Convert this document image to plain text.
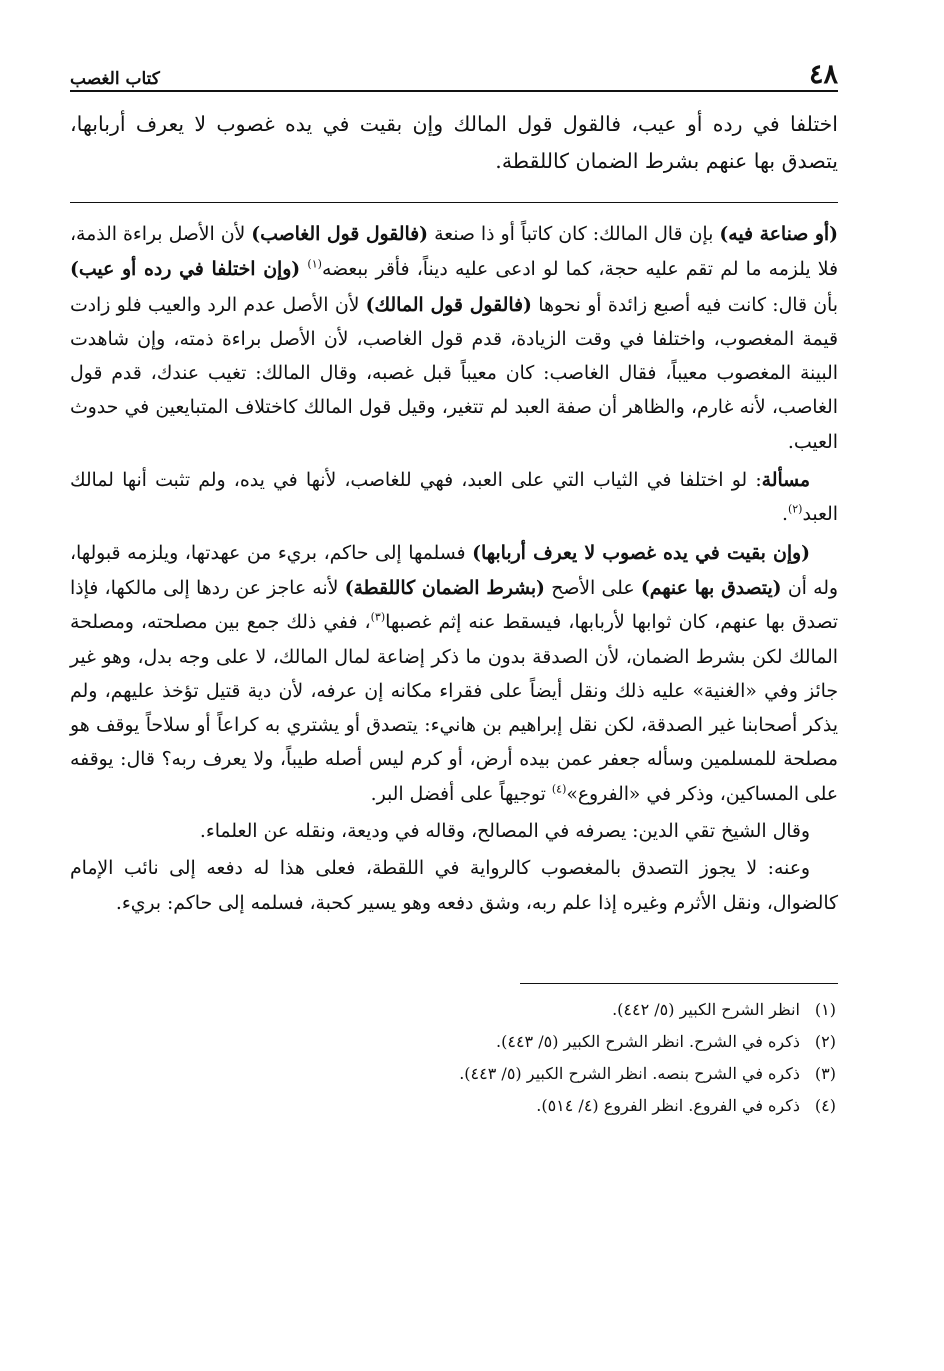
٤٨
كتاب الغصب
اختلفا في رده أو عيب، فالقول قول المالك وإن بقيت في يده غصوب لا يعرف أربابها، يتصدق بها عنهم بشرط الضمان كاللقطة.

(أو صناعة فيه) بإن قال المالك: كان كاتباً أو ذا صنعة (فالقول قول الغاصب) لأن الأصل براءة الذمة، فلا يلزمه ما لم تقم عليه حجة، كما لو ادعى عليه ديناً، فأقر ببعضه$^{(١)}$ (وإن اختلفا في رده أو عيب) بأن قال: كانت فيه أصبع زائدة أو نحوها (فالقول قول المالك) لأن الأصل عدم الرد والعيب فلو زادت قيمة المغصوب، واختلفا في وقت الزيادة، قدم قول الغاصب، لأن الأصل براءة ذمته، وإن شاهدت البينة المغصوب معيباً، فقال الغاصب: كان معيباً قبل غصبه، وقال المالك: تغيب عندك، قدم قول الغاصب، لأنه غارم، والظاهر أن صفة العبد لم تتغير، وقيل قول المالك كاختلاف المتبايعين في حدوث العيب.

مسألة: لو اختلفا في الثياب التي على العبد، فهي للغاصب، لأنها في يده، ولم تثبت أنها لمالك العبد$^{(٢)}$.

(وإن بقيت في يده غصوب لا يعرف أربابها) فسلمها إلى حاكم، بريء من عهدتها، ويلزمه قبولها، وله أن (يتصدق بها عنهم) على الأصح (بشرط الضمان كاللقطة) لأنه عاجز عن ردها إلى مالكها، فإذا تصدق بها عنهم، كان ثوابها لأربابها، فيسقط عنه إثم غصبها$^{(٣)}$، ففي ذلك جمع بين مصلحته، ومصلحة المالك لكن بشرط الضمان، لأن الصدقة بدون ما ذكر إضاعة لمال المالك، لا على وجه بدل، وهو غير جائز وفي «الغنية» عليه ذلك ونقل أيضاً على فقراء مكانه إن عرفه، لأن دية قتيل تؤخذ عليهم، ولم يذكر أصحابنا غير الصدقة، لكن نقل إبراهيم بن هانيء: يتصدق أو يشتري به كراعاً أو سلاحاً يوقف هو مصلحة للمسلمين وسأله جعفر عمن بيده أرض، أو كرم ليس أصله طيباً، ولا يعرف ربه؟ قال: يوقفه على المساكين، وذكر في «الفروع»$^{(٤)}$ توجيهاً على أفضل البر.

وقال الشيخ تقي الدين: يصرفه في المصالح، وقاله في وديعة، ونقله عن العلماء.

وعنه: لا يجوز التصدق بالمغصوب كالرواية في اللقطة، فعلى هذا له دفعه إلى نائب الإمام كالضوال، ونقل الأثرم وغيره إذا علم ربه، وشق دفعه وهو يسير كحبة، فسلمه إلى حاكم: بريء.

(١)
انظر الشرح الكبير (٥/ ٤٤٢).
(٢)
ذكره في الشرح. انظر الشرح الكبير (٥/ ٤٤٣).
(٣)
ذكره في الشرح بنصه. انظر الشرح الكبير (٥/ ٤٤٣).
(٤)
ذكره في الفروع. انظر الفروع (٤/ ٥١٤).
